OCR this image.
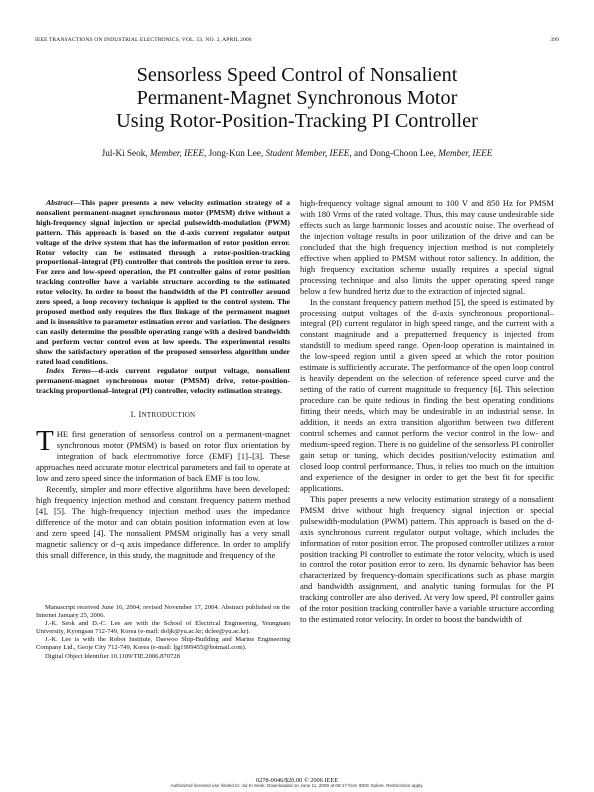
IEEE TRANSACTIONS ON INDUSTRIAL ELECTRONICS, VOL. 53, NO. 2, APRIL 2006	399
Sensorless Speed Control of Nonsalient
Permanent-Magnet Synchronous Motor
Using Rotor-Position-Tracking PI Controller
Jul-Ki Seok, Member, IEEE, Jong-Kun Lee, Student Member, IEEE, and Dong-Choon Lee, Member, IEEE

Abstract—This paper presents a new velocity estimation strategy of a nonsalient permanent-magnet synchronous motor (PMSM) drive without a high-frequency signal injection or special pulsewidth-modulation (PWM) pattern. This approach is based on the d-axis current regulator output voltage of the drive system that has the information of rotor position error. Rotor velocity can be estimated through a rotor-position-tracking proportional–integral (PI) controller that controls the position error to zero. For zero and low-speed operation, the PI controller gains of rotor position tracking controller have a variable structure according to the estimated rotor velocity. In order to boost the bandwidth of the PI controller around zero speed, a loop recovery technique is applied to the control system. The proposed method only requires the flux linkage of the permanent magnet and is insensitive to parameter estimation error and variation. The designers can easily determine the possible operating range with a desired bandwidth and perform vector control even at low speeds. The experimental results show the satisfactory operation of the proposed sensorless algorithm under rated load conditions.

Index Terms—d-axis current regulator output voltage, nonsalient permanent-magnet synchronous motor (PMSM) drive, rotor-position-tracking proportional–integral (PI) controller, velocity estimation strategy.

I. INTRODUCTION

THE first generation of sensorless control on a permanent-magnet synchronous motor (PMSM) is based on rotor flux orientation by integration of back electromotive force (EMF) [1]–[3]. These approaches need accurate motor electrical parameters and fail to operate at low and zero speed since the information of back EMF is too low.

Recently, simpler and more effective algorithms have been developed: high frequency injection method and constant frequency pattern method [4], [5]. The high-frequency injection method uses the impedance difference of the motor and can obtain position information even at low and zero speed [4]. The nonsalient PMSM originally has a very small magnetic saliency or d−q axis impedance difference. In order to amplify this small difference, in this study, the magnitude and frequency of the

Manuscript received June 16, 2004; revised November 17, 2004. Abstract published on the Internet January 25, 2006.

J.-K. Seok and D.-C. Lee are with the School of Electrical Engineering, Yeungnam University, Kyongsan 712-749, Korea (e-mail: doljk@yu.ac.kr; dclee@yu.ac.kr).

J.-K. Lee is with the Robot Institute, Daewoo Ship-Building and Marine Engineering Company Ltd., Geoje City 712-749, Korea (e-mail: ljg1999455@hotmail.com).

Digital Object Identifier 10.1109/TIE.2006.870728

high-frequency voltage signal amount to 100 V and 850 Hz for PMSM with 180 Vrms of the rated voltage. Thus, this may cause undesirable side effects such as large harmonic losses and acoustic noise. The overhead of the injection voltage results in poor utilization of the drive and can be concluded that the high frequency injection method is not completely effective when applied to PMSM without rotor saliency. In addition, the high frequency excitation scheme usually requires a special signal processing technique and also limits the upper operating speed range below a few hundred hertz due to the extraction of injected signal.

In the constant frequency pattern method [5], the speed is estimated by processing output voltages of the d-axis synchronous proportional–integral (PI) current regulator in high speed range, and the current with a constant magnitude and a prepatterned frequency is injected from standstill to medium speed range. Open-loop operation is maintained in the low-speed region until a given speed at which the rotor position estimate is sufficiently accurate. The performance of the open loop control is heavily dependent on the selection of reference speed curve and the setting of the ratio of current magnitude to frequency [6]. This selection procedure can be quite tedious in finding the best operating conditions fitting their needs, which may be undesirable in an industrial sense. In addition, it needs an extra transition algorithm between two different control schemes and cannot perform the vector control in the low- and medium-speed region. There is no guideline of the sensorless PI controller gain setup or tuning, which decides position/velocity estimation and closed loop control performance. Thus, it relies too much on the intuition and experience of the designer in order to get the best fit for specific applications.

This paper presents a new velocity estimation strategy of a nonsalient PMSM drive without high frequency signal injection or special pulsewidth-modulation (PWM) pattern. This approach is based on the d-axis synchronous current regulator output voltage, which includes the information of rotor position error. The proposed controller utilizes a rotor position tracking PI controller to estimate the rotor velocity, which is used to control the rotor position error to zero. Its dynamic behavior has been characterized by frequency-domain specifications such as phase margin and bandwidth assignment, and analytic tuning formulas for the PI tracking controller are also derived. At very low speed, PI controller gains of the rotor position tracking controller have a variable structure according to the estimated rotor velocity. In order to boost the bandwidth of

0278-0046/$20.00 © 2006 IEEE
Authorized licensed use limited to: Jul Ki Seok. Downloaded on June 11, 2009 at 08:17 from IEEE Xplore. Restrictions apply.
